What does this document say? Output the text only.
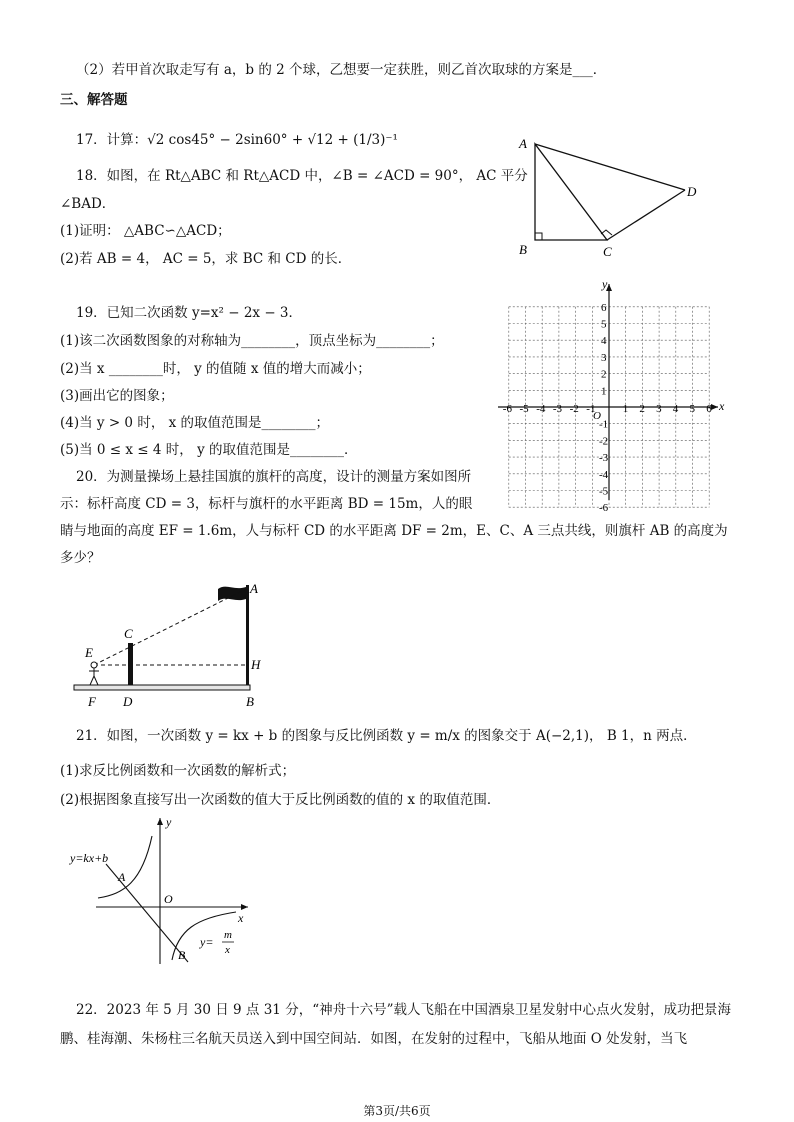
（2）若甲首次取走写有 a，b 的 2 个球，乙想要一定获胜，则乙首次取球的方案是___．
三、解答题
17．计算：√2 cos45° − 2sin60° + √12 + (1/3)⁻¹
18．如图，在 Rt△ABC 和 Rt△ACD 中，∠B = ∠ACD = 90°， AC 平分
∠BAD．
(1)证明： △ABC∽△ACD；
(2)若 AB = 4， AC = 5，求 BC 和 CD 的长．
19．已知二次函数 y=x² − 2x − 3．
(1)该二次函数图象的对称轴为________，顶点坐标为________；
(2)当 x ________时， y 的值随 x 值的增大而减小；
(3)画出它的图象；
(4)当 y > 0 时， x 的取值范围是________；
(5)当 0 ≤ x ≤ 4 时， y 的取值范围是________．
20．为测量操场上悬挂国旗的旗杆的高度，设计的测量方案如图所
示：标杆高度 CD = 3，标杆与旗杆的水平距离 BD = 15m，人的眼
睛与地面的高度 EF = 1.6m，人与标杆 CD 的水平距离 DF = 2m，E、C、A 三点共线，则旗杆 AB 的高度为
多少？
21．如图，一次函数 y = kx + b 的图象与反比例函数 y = m/x 的图象交于 A(−2,1)， B 1，n 两点．
(1)求反比例函数和一次函数的解析式；
(2)根据图象直接写出一次函数的值大于反比例函数的值的 x 的取值范围．
22．2023 年 5 月 30 日 9 点 31 分，“神舟十六号”载人飞船在中国酒泉卫星发射中心点火发射，成功把景海
鹏、桂海潮、朱杨柱三名航天员送入到中国空间站．如图，在发射的过程中，飞船从地面 O 处发射，当飞
A
B	C
D
x
y
O
-6 -5 -4 -3 -2 -1 1 2 3 4 5 6
6
5
4
3
2
1
-1
-2
-3
-4
-5
-6
A
C
E
H
F D	B
y
x
O
A
B
y=kx+b
y= m
x
第3页/共6页
